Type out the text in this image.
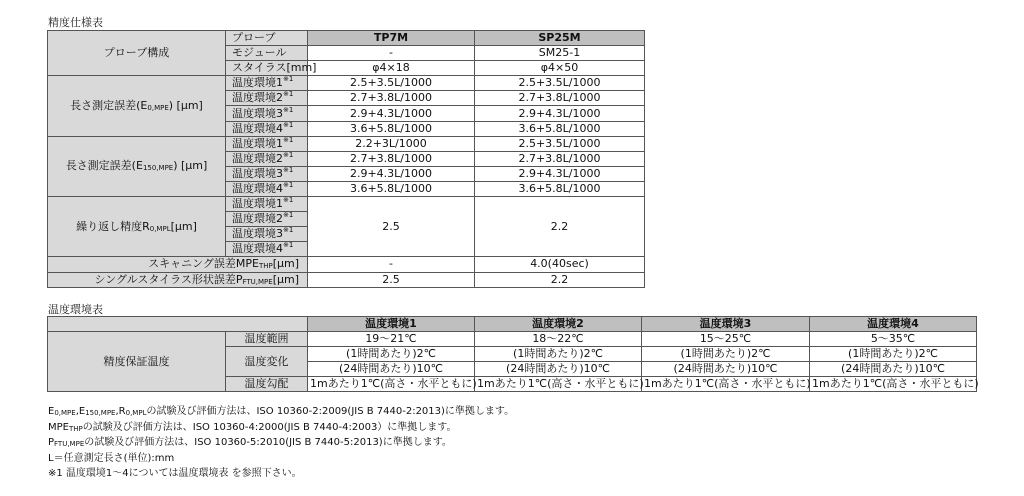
精度仕様表
プローブ構成	プローブ	TP7M	SP25M
	モジュール	-	SM25-1
	スタイラス[mm]	φ4×18	φ4×50
長さ測定誤差$(E_{0,MPE})$ [µm]	温度環境1$^{※1}$	2.5+3.5L/1000	2.5+3.5L/1000
	温度環境2$^{※1}$	2.7+3.8L/1000	2.7+3.8L/1000
	温度環境3$^{※1}$	2.9+4.3L/1000	2.9+4.3L/1000
	温度環境4$^{※1}$	3.6+5.8L/1000	3.6+5.8L/1000
長さ測定誤差$(E_{150,MPE})$ [µm]	温度環境1$^{※1}$	2.2+3L/1000	2.5+3.5L/1000
	温度環境2$^{※1}$	2.7+3.8L/1000	2.7+3.8L/1000
	温度環境3$^{※1}$	2.9+4.3L/1000	2.9+4.3L/1000
	温度環境4$^{※1}$	3.6+5.8L/1000	3.6+5.8L/1000
繰り返し精度$R_{0,MPL}[\mu m]$	温度環境1$^{※1}$	2.5	2.2
	温度環境2$^{※1}$
	温度環境3$^{※1}$
	温度環境4$^{※1}$
スキャニング誤差$MPE_{THP}[\mu m]$		-	4.0(40sec)
シングルスタイラス形状誤差$P_{FTU,MPE}[\mu m]$		2.5	2.2
温度環境表
		温度環境1	温度環境2	温度環境3	温度環境4
精度保証温度	温度範囲	19～21℃	18～22℃	15～25℃	5～35℃
	温度変化	(1時間あたり)2℃	(1時間あたり)2℃	(1時間あたり)2℃	(1時間あたり)2℃
		(24時間あたり)10℃	(24時間あたり)10℃	(24時間あたり)10℃	(24時間あたり)10℃
	温度勾配	1mあたり1℃(高さ・水平ともに)	1mあたり1℃(高さ・水平ともに)	1mあたり1℃(高さ・水平ともに)	1mあたり1℃(高さ・水平ともに)
$E_{0,MPE},E_{150,MPE},R_{0,MPL}$の試験及び評価方法は、ISO 10360-2:2009(JIS B 7440-2:2013)に準拠します。
$MPE_{THP}$の試験及び評価方法は、ISO 10360-4:2000(JIS B 7440-4:2003）に準拠します。
$P_{FTU,MPE}$の試験及び評価方法は、ISO 10360-5:2010(JIS B 7440-5:2013)に準拠します。
L＝任意測定長さ(単位):mm
※1 温度環境1～4については温度環境表 を参照下さい。
